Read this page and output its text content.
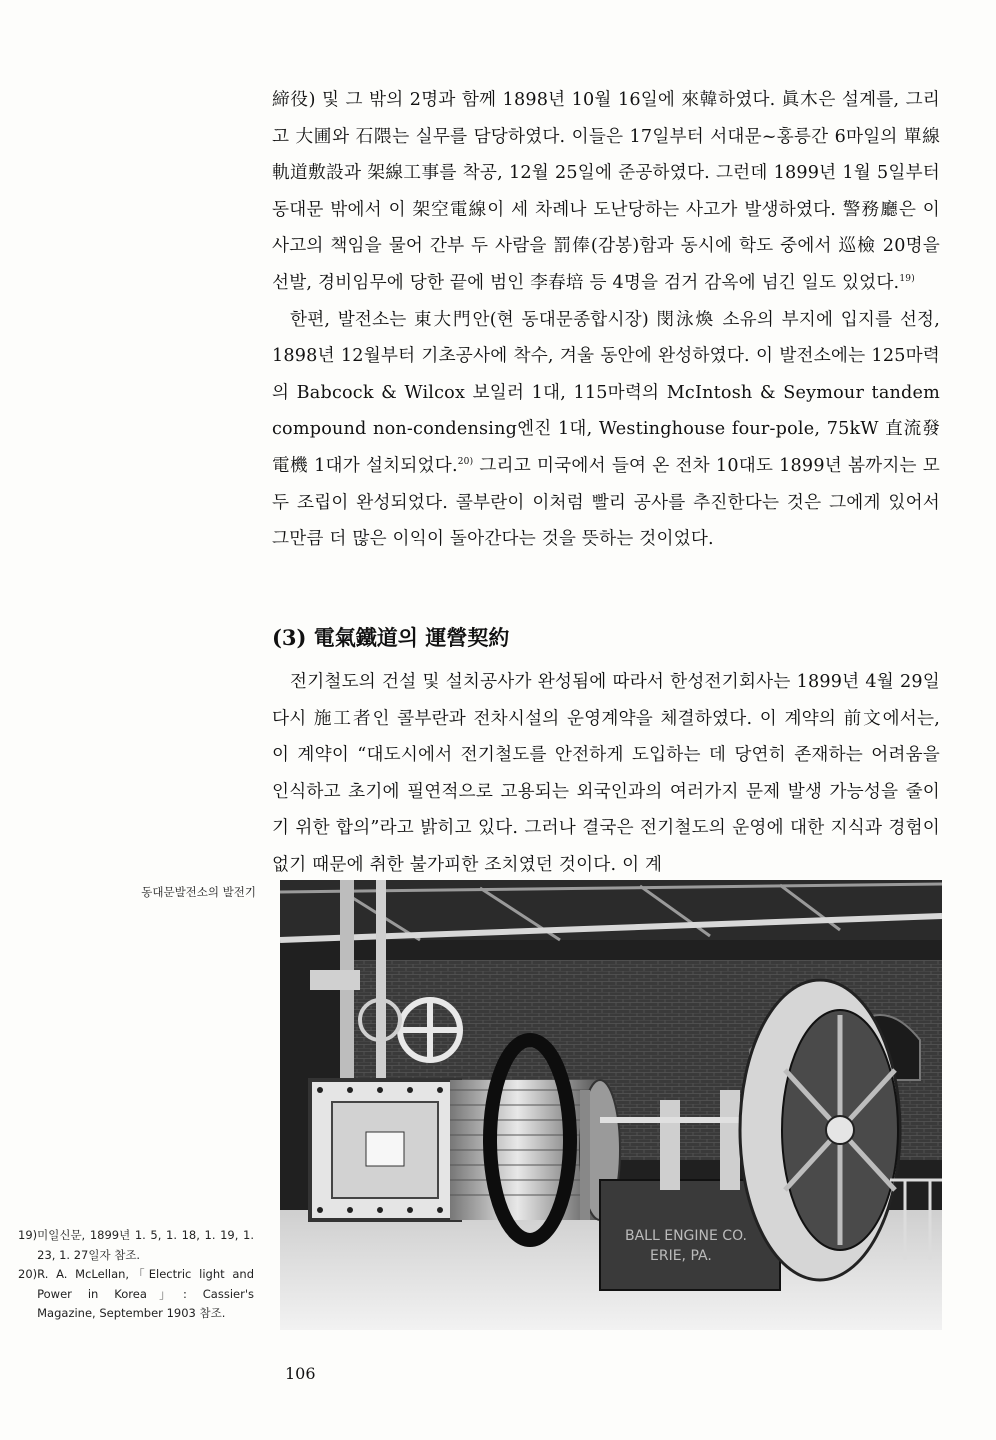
締役) 및 그 밖의 2명과 함께 1898년 10월 16일에 來韓하였다. 眞木은 설계를, 그리고 大圃와 石隈는 실무를 담당하였다. 이들은 17일부터 서대문~홍릉간 6마일의 單線軌道敷設과 架線工事를 착공, 12월 25일에 준공하였다. 그런데 1899년 1월 5일부터 동대문 밖에서 이 架空電線이 세 차례나 도난당하는 사고가 발생하였다. 警務廳은 이 사고의 책임을 물어 간부 두 사람을 罰俸(감봉)함과 동시에 학도 중에서 巡檢 20명을 선발, 경비임무에 당한 끝에 범인 李春培 등 4명을 검거 감옥에 넘긴 일도 있었다.$^{19)}$

한편, 발전소는 東大門안(현 동대문종합시장) 閔泳煥 소유의 부지에 입지를 선정, 1898년 12월부터 기초공사에 착수, 겨울 동안에 완성하였다. 이 발전소에는 125마력의 Babcock & Wilcox 보일러 1대, 115마력의 McIntosh & Seymour tandem compound non-condensing엔진 1대, Westinghouse four-pole, 75kW 直流發電機 1대가 설치되었다.$^{20)}$ 그리고 미국에서 들여 온 전차 10대도 1899년 봄까지는 모두 조립이 완성되었다. 콜부란이 이처럼 빨리 공사를 추진한다는 것은 그에게 있어서 그만큼 더 많은 이익이 돌아간다는 것을 뜻하는 것이었다.

(3) 電氣鐵道의 運營契約

전기철도의 건설 및 설치공사가 완성됨에 따라서 한성전기회사는 1899년 4월 29일 다시 施工者인 콜부란과 전차시설의 운영계약을 체결하였다. 이 계약의 前文에서는, 이 계약이 “대도시에서 전기철도를 안전하게 도입하는 데 당연히 존재하는 어려움을 인식하고 초기에 필연적으로 고용되는 외국인과의 여러가지 문제 발생 가능성을 줄이기 위한 합의”라고 밝히고 있다. 그러나 결국은 전기철도의 운영에 대한 지식과 경험이 없기 때문에 취한 불가피한 조치였던 것이다. 이 계

동대문발전소의 발전기
BALL ENGINE CO.
ERIE, PA.
19) 미일신문, 1899년 1. 5, 1. 18, 1. 19, 1. 23, 1. 27일자 참조.
20) R. A. McLellan,「Electric light and Power in Korea」: Cassier's Magazine, September 1903 참조.
106
